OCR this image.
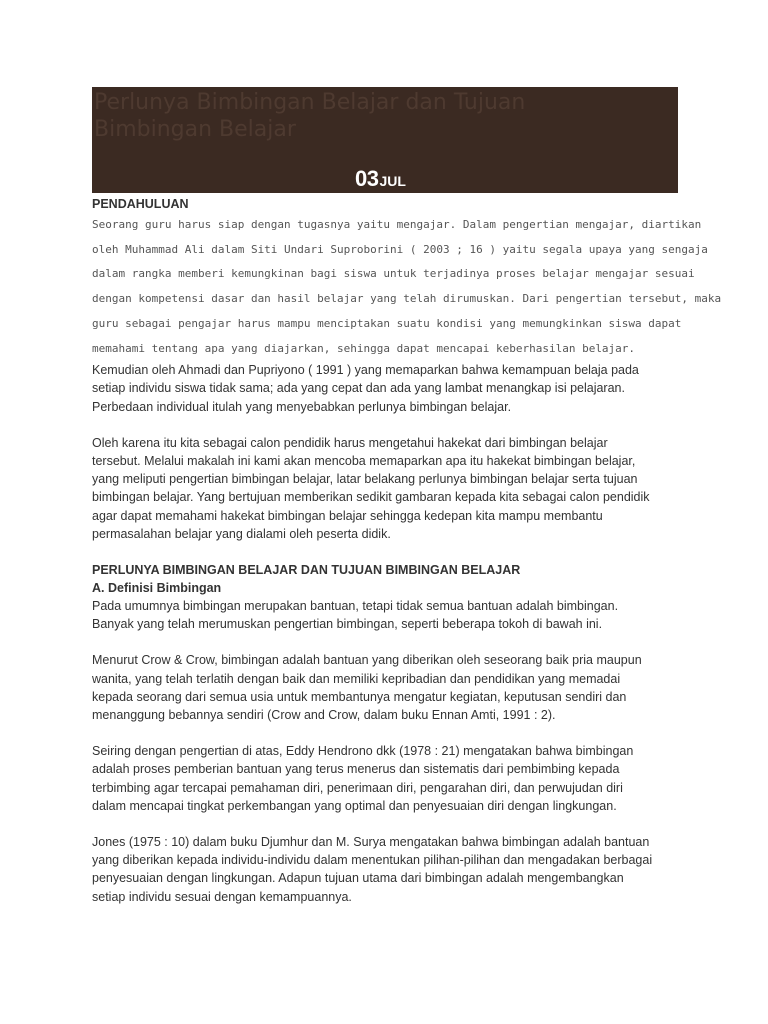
Perlunya Bimbingan Belajar dan Tujuan
Bimbingan Belajar
03JUL
PENDAHULUAN

Seorang guru harus siap dengan tugasnya yaitu mengajar. Dalam pengertian mengajar, diartikan
oleh Muhammad Ali dalam Siti Undari Suproborini ( 2003 ; 16 ) yaitu segala upaya yang sengaja
dalam rangka memberi kemungkinan bagi siswa untuk terjadinya proses belajar mengajar sesuai
dengan kompetensi dasar dan hasil belajar yang telah dirumuskan. Dari pengertian tersebut, maka
guru sebagai pengajar harus mampu menciptakan suatu kondisi yang memungkinkan siswa dapat
memahami tentang apa yang diajarkan, sehingga dapat mencapai keberhasilan belajar.

Kemudian oleh Ahmadi dan Pupriyono ( 1991 ) yang memaparkan bahwa kemampuan belaja pada
setiap individu siswa tidak sama; ada yang cepat dan ada yang lambat menangkap isi pelajaran.
Perbedaan individual itulah yang menyebabkan perlunya bimbingan belajar.

Oleh karena itu kita sebagai calon pendidik harus mengetahui hakekat dari bimbingan belajar
tersebut. Melalui makalah ini kami akan mencoba memaparkan apa itu hakekat bimbingan belajar,
yang meliputi pengertian bimbingan belajar, latar belakang perlunya bimbingan belajar serta tujuan
bimbingan belajar. Yang bertujuan memberikan sedikit gambaran kepada kita sebagai calon pendidik
agar dapat memahami hakekat bimbingan belajar sehingga kedepan kita mampu membantu
permasalahan belajar yang dialami oleh peserta didik.

PERLUNYA BIMBINGAN BELAJAR DAN TUJUAN BIMBINGAN BELAJAR
A. Definisi Bimbingan

Pada umumnya bimbingan merupakan bantuan, tetapi tidak semua bantuan adalah bimbingan.
Banyak yang telah merumuskan pengertian bimbingan, seperti beberapa tokoh di bawah ini.

Menurut Crow & Crow, bimbingan adalah bantuan yang diberikan oleh seseorang baik pria maupun
wanita, yang telah terlatih dengan baik dan memiliki kepribadian dan pendidikan yang memadai
kepada seorang dari semua usia untuk membantunya mengatur kegiatan, keputusan sendiri dan
menanggung bebannya sendiri (Crow and Crow, dalam buku Ennan Amti, 1991 : 2).

Seiring dengan pengertian di atas, Eddy Hendrono dkk (1978 : 21) mengatakan bahwa bimbingan
adalah proses pemberian bantuan yang terus menerus dan sistematis dari pembimbing kepada
terbimbing agar tercapai pemahaman diri, penerimaan diri, pengarahan diri, dan perwujudan diri
dalam mencapai tingkat perkembangan yang optimal dan penyesuaian diri dengan lingkungan.

Jones (1975 : 10) dalam buku Djumhur dan M. Surya mengatakan bahwa bimbingan adalah bantuan
yang diberikan kepada individu-individu dalam menentukan pilihan-pilihan dan mengadakan berbagai
penyesuaian dengan lingkungan. Adapun tujuan utama dari bimbingan adalah mengembangkan
setiap individu sesuai dengan kemampuannya.
